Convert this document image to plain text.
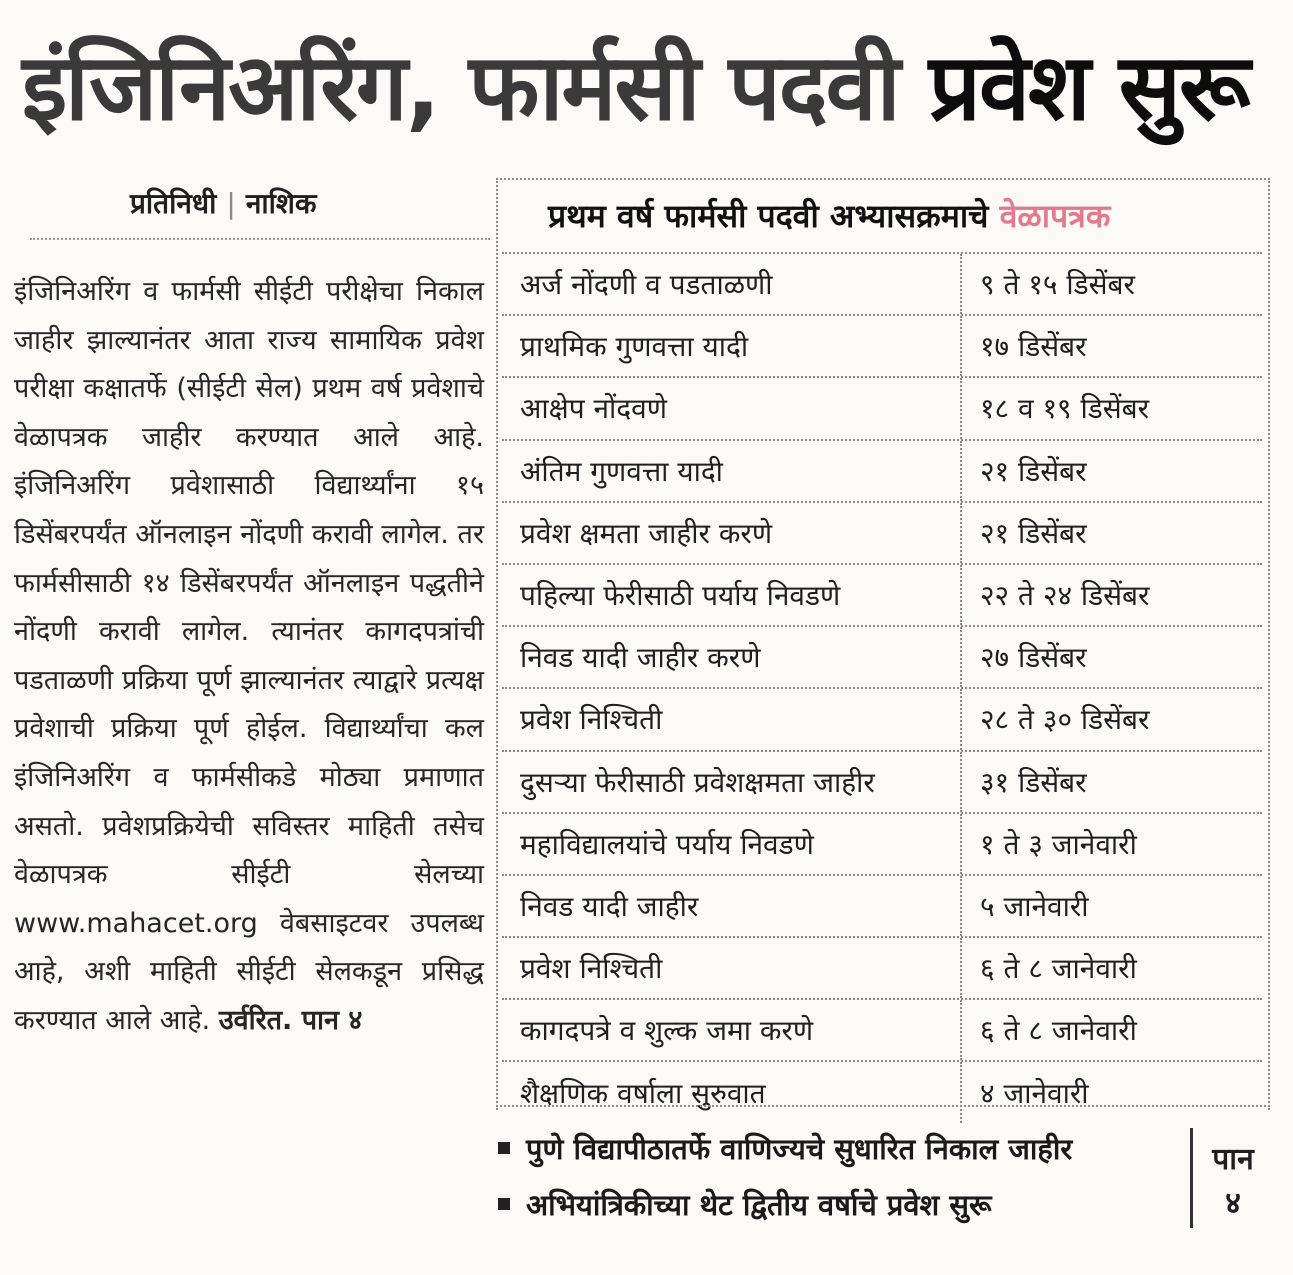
इंजिनिअरिंग, फार्मसी पदवी प्रवेश सुरू
प्रतिनिधी | नाशिक
इंजिनिअरिंग व फार्मसी सीईटी परीक्षेचा निकाल जाहीर झाल्यानंतर आता राज्य सामायिक प्रवेश परीक्षा कक्षातर्फे (सीईटी सेल) प्रथम वर्ष प्रवेशाचे वेळापत्रक जाहीर करण्यात आले आहे. इंजिनिअरिंग प्रवेशासाठी विद्यार्थ्यांना १५ डिसेंबरपर्यंत ऑनलाइन नोंदणी करावी लागेल. तर फार्मसीसाठी १४ डिसेंबरपर्यंत ऑनलाइन पद्धतीने नोंदणी करावी लागेल. त्यानंतर कागदपत्रांची पडताळणी प्रक्रिया पूर्ण झाल्यानंतर त्याद्वारे प्रत्यक्ष प्रवेशाची प्रक्रिया पूर्ण होईल. विद्यार्थ्यांचा कल इंजिनिअरिंग व फार्मसीकडे मोठ्या प्रमाणात असतो. प्रवेशप्रक्रियेची सविस्तर माहिती तसेच वेळापत्रक सीईटी सेलच्या www.mahacet.org वेबसाइटवर उपलब्ध आहे, अशी माहिती सीईटी सेलकडून प्रसिद्ध करण्यात आले आहे. उर्वरित. पान ४
प्रथम वर्ष फार्मसी पदवी अभ्यासक्रमाचे वेळापत्रक
अर्ज नोंदणी व पडताळणी	९ ते १५ डिसेंबर
प्राथमिक गुणवत्ता यादी	१७ डिसेंबर
आक्षेप नोंदवणे	१८ व १९ डिसेंबर
अंतिम गुणवत्ता यादी	२१ डिसेंबर
प्रवेश क्षमता जाहीर करणे	२१ डिसेंबर
पहिल्या फेरीसाठी पर्याय निवडणे	२२ ते २४ डिसेंबर
निवड यादी जाहीर करणे	२७ डिसेंबर
प्रवेश निश्चिती	२८ ते ३० डिसेंबर
दुसऱ्या फेरीसाठी प्रवेशक्षमता जाहीर	३१ डिसेंबर
महाविद्यालयांचे पर्याय निवडणे	१ ते ३ जानेवारी
निवड यादी जाहीर	५ जानेवारी
प्रवेश निश्चिती	६ ते ८ जानेवारी
कागदपत्रे व शुल्क जमा करणे	६ ते ८ जानेवारी
शैक्षणिक वर्षाला सुरुवात	४ जानेवारी
पुणे विद्यापीठातर्फे वाणिज्यचे सुधारित निकाल जाहीर
अभियांत्रिकीच्या थेट द्वितीय वर्षाचे प्रवेश सुरू
पान
४
